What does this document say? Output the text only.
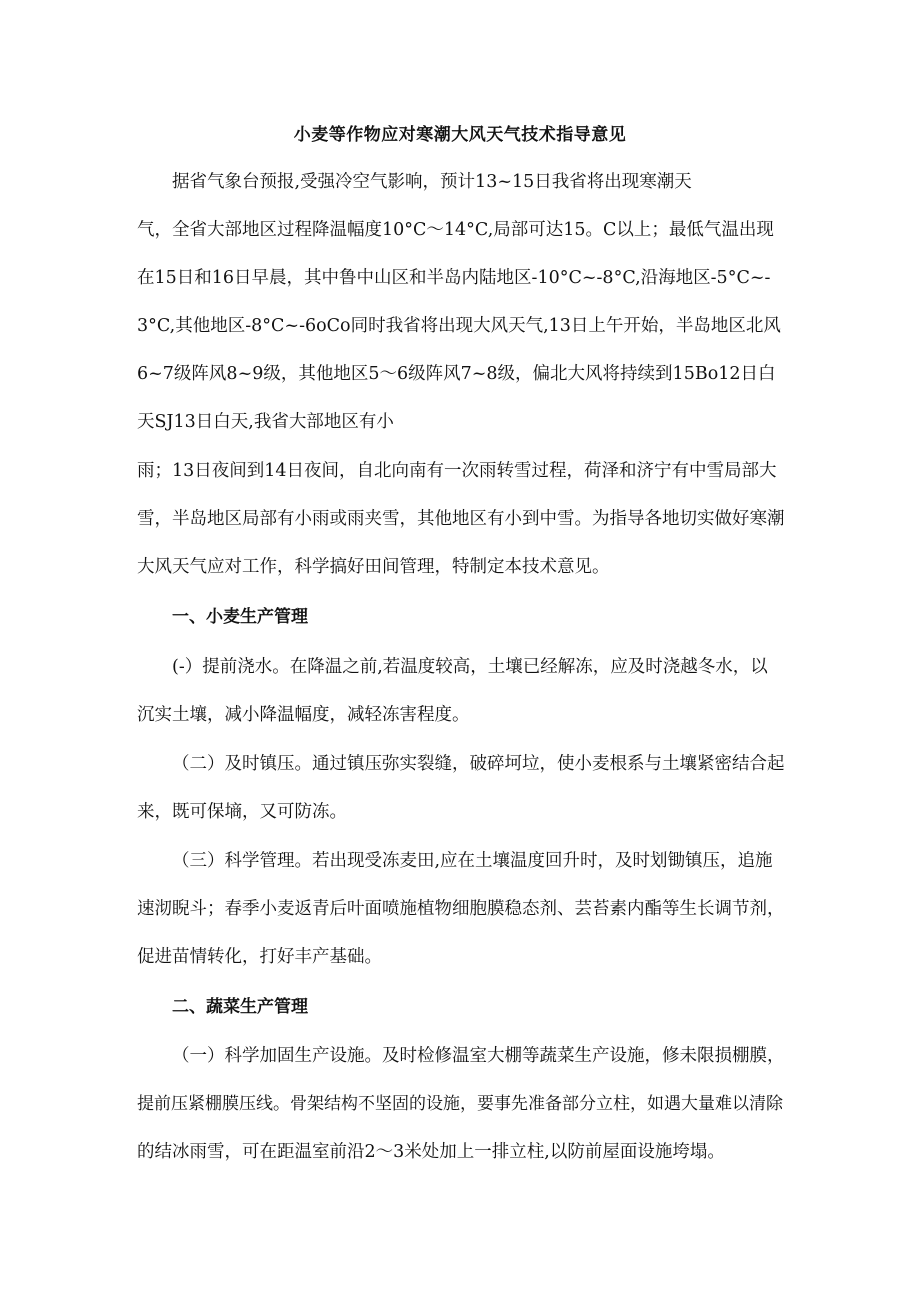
小麦等作物应对寒潮大风天气技术指导意见
据省气象台预报,受强冷空气影响，预计13~15日我省将出现寒潮天
气，全省大部地区过程降温幅度10°C～14°C,局部可达15。C以上；最低气温出现
在15日和16日早晨，其中鲁中山区和半岛内陆地区-10°C~-8°C,沿海地区-5°C~-
3°C,其他地区-8°C~-6oCo同时我省将出现大风天气,13日上午开始，半岛地区北风
6~7级阵风8~9级，其他地区5～6级阵风7~8级，偏北大风将持续到15Bo12日白
天SJ13日白天,我省大部地区有小
雨；13日夜间到14日夜间，自北向南有一次雨转雪过程，荷泽和济宁有中雪局部大
雪，半岛地区局部有小雨或雨夹雪，其他地区有小到中雪。为指导各地切实做好寒潮
大风天气应对工作，科学搞好田间管理，特制定本技术意见。
一、小麦生产管理
(-）提前浇水。在降温之前,若温度较高，土壤已经解冻，应及时浇越冬水，以
沉实土壤，减小降温幅度，减轻冻害程度。
（二）及时镇压。通过镇压弥实裂缝，破碎坷垃，使小麦根系与土壤紧密结合起
来，既可保墒，又可防冻。
（三）科学管理。若出现受冻麦田,应在土壤温度回升时，及时划锄镇压，追施
速沏睨斗；春季小麦返青后叶面喷施植物细胞膜稳态剂、芸苔素内酯等生长调节剂，
促进苗情转化，打好丰产基础。
二、蔬菜生产管理
（一）科学加固生产设施。及时检修温室大棚等蔬菜生产设施，修未限损棚膜，
提前压紧棚膜压线。骨架结构不坚固的设施，要事先准备部分立柱，如遇大量难以清除
的结冰雨雪，可在距温室前沿2～3米处加上一排立柱,以防前屋面设施垮塌。
